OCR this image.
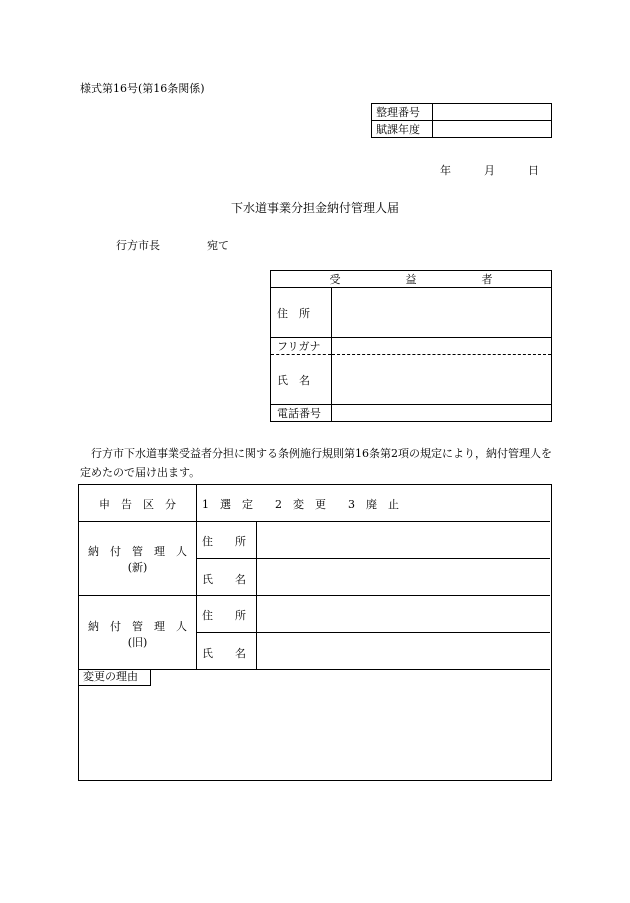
様式第16号(第16条関係)
整理番号	
賦課年度	
年	月	日
下水道事業分担金納付管理人届
行方市長	宛て
受 益 者	
住　所	
フリガナ	
氏　名	
電話番号	
行方市下水道事業受益者分担に関する条例施行規則第16条第2項の規定により，納付管理人を定めたので届け出ます。
申　告　区　分	1　選　定　　2　変　更　　3　廃　止
納　付　管　理　人
(新)
住　　所
氏　　名
納　付　管　理　人
(旧)
住　　所
氏　　名
変更の理由
